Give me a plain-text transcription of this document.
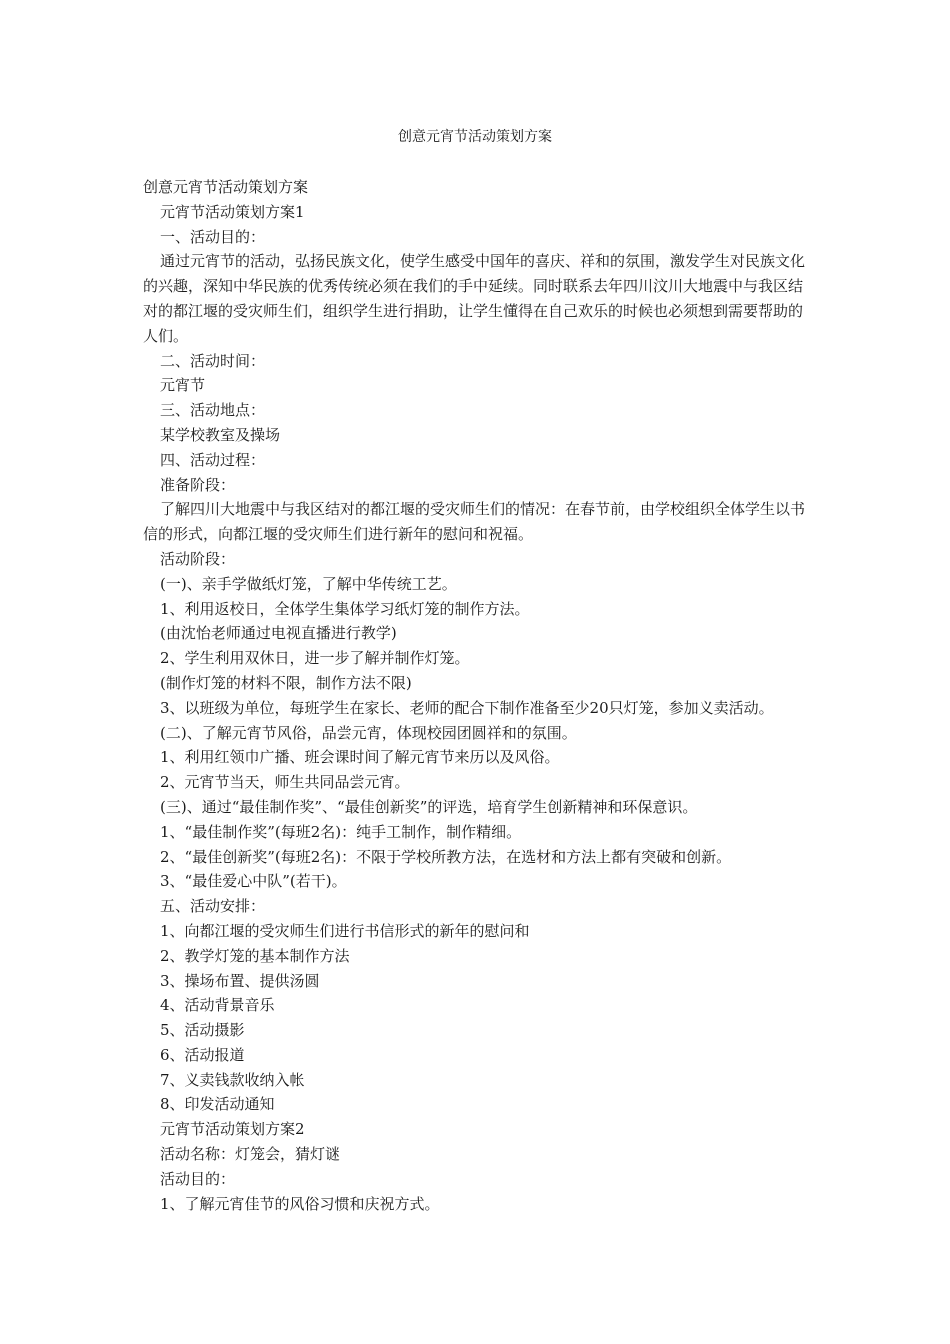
创意元宵节活动策划方案

创意元宵节活动策划方案

元宵节活动策划方案1

一、活动目的：

通过元宵节的活动，弘扬民族文化，使学生感受中国年的喜庆、祥和的氛围，激发学生对民族文化的兴趣，深知中华民族的优秀传统必须在我们的手中延续。同时联系去年四川汶川大地震中与我区结对的都江堰的受灾师生们，组织学生进行捐助，让学生懂得在自己欢乐的时候也必须想到需要帮助的人们。

二、活动时间：

元宵节

三、活动地点：

某学校教室及操场

四、活动过程：

准备阶段：

了解四川大地震中与我区结对的都江堰的受灾师生们的情况：在春节前，由学校组织全体学生以书信的形式，向都江堰的受灾师生们进行新年的慰问和祝福。

活动阶段：

(一)、亲手学做纸灯笼，了解中华传统工艺。

1、利用返校日，全体学生集体学习纸灯笼的制作方法。

(由沈怡老师通过电视直播进行教学)

2、学生利用双休日，进一步了解并制作灯笼。

(制作灯笼的材料不限，制作方法不限)

3、以班级为单位，每班学生在家长、老师的配合下制作准备至少20只灯笼，参加义卖活动。

(二)、了解元宵节风俗，品尝元宵，体现校园团圆祥和的氛围。

1、利用红领巾广播、班会课时间了解元宵节来历以及风俗。

2、元宵节当天，师生共同品尝元宵。

(三)、通过“最佳制作奖”、“最佳创新奖”的评选，培育学生创新精神和环保意识。

1、“最佳制作奖”(每班2名)：纯手工制作，制作精细。

2、“最佳创新奖”(每班2名)：不限于学校所教方法，在选材和方法上都有突破和创新。

3、“最佳爱心中队”(若干)。

五、活动安排：

1、向都江堰的受灾师生们进行书信形式的新年的慰问和

2、教学灯笼的基本制作方法

3、操场布置、提供汤圆

4、活动背景音乐

5、活动摄影

6、活动报道

7、义卖钱款收纳入帐

8、印发活动通知

元宵节活动策划方案2

活动名称：灯笼会，猜灯谜

活动目的：

1、了解元宵佳节的风俗习惯和庆祝方式。
